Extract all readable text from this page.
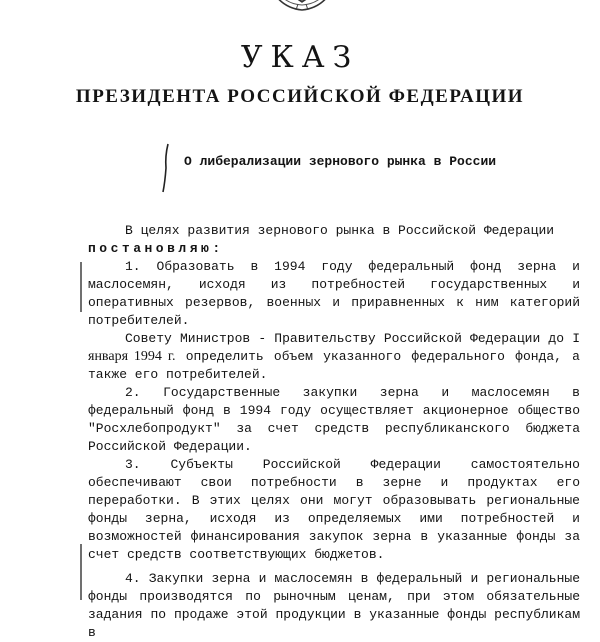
УКАЗ
ПРЕЗИДЕНТА РОССИЙСКОЙ ФЕДЕРАЦИИ
О либерализации зернового рынка в России

В целях развития зернового рынка в Российской Федерации

постановляю:

1. Образовать в 1994 году федеральный фонд зерна и маслосемян, исходя из потребностей государственных и оперативных резервов, военных и приравненных к ним категорий потребителей.

Совету Министров - Правительству Российской Федерации до I января 1994 г. определить объем указанного федерального фонда, а также его потребителей.

2. Государственные закупки зерна и маслосемян в федеральный фонд в 1994 году осуществляет акционерное общество "Росхлебопродукт" за счет средств республиканского бюджета Российской Федерации.

3. Субъекты Российской Федерации самостоятельно обеспечивают свои потребности в зерне и продуктах его переработки. В этих целях они могут образовывать региональные фонды зерна, исходя из определяемых ими потребностей и возможностей финансирования закупок зерна в указанные фонды за счет средств соответствующих бюджетов.

4. Закупки зерна и маслосемян в федеральный и региональные фонды производятся по рыночным ценам, при этом обязательные задания по продаже этой продукции в указанные фонды республикам в
